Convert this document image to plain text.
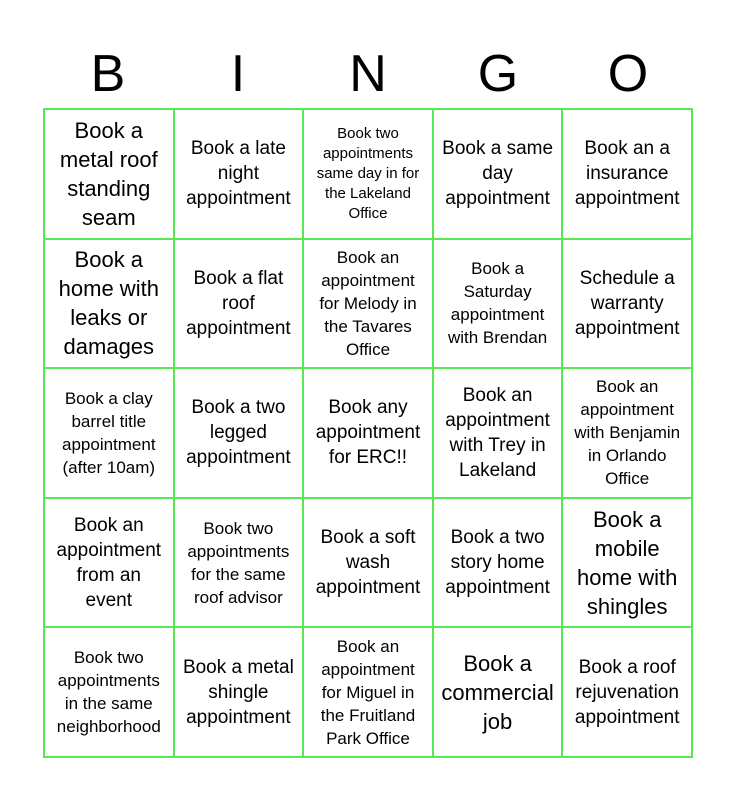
B	I	N	G	O
Book a metal roof standing seam
Book a late night appointment
Book two appointments same day in for the Lakeland Office
Book a same day appointment
Book an a insurance appointment
Book a home with leaks or damages
Book a flat roof appointment
Book an appointment for Melody in the Tavares Office
Book a Saturday appointment with Brendan
Schedule a warranty appointment
Book a clay barrel title appointment (after 10am)
Book a two legged appointment
Book any appointment for ERC!!
Book an appointment with Trey in Lakeland
Book an appointment with Benjamin in Orlando Office
Book an appointment from an event
Book two appointments for the same roof advisor
Book a soft wash appointment
Book a two story home appointment
Book a mobile home with shingles
Book two appointments in the same neighborhood
Book a metal shingle appointment
Book an appointment for Miguel in the Fruitland Park Office
Book a commercial job
Book a roof rejuvenation appointment
